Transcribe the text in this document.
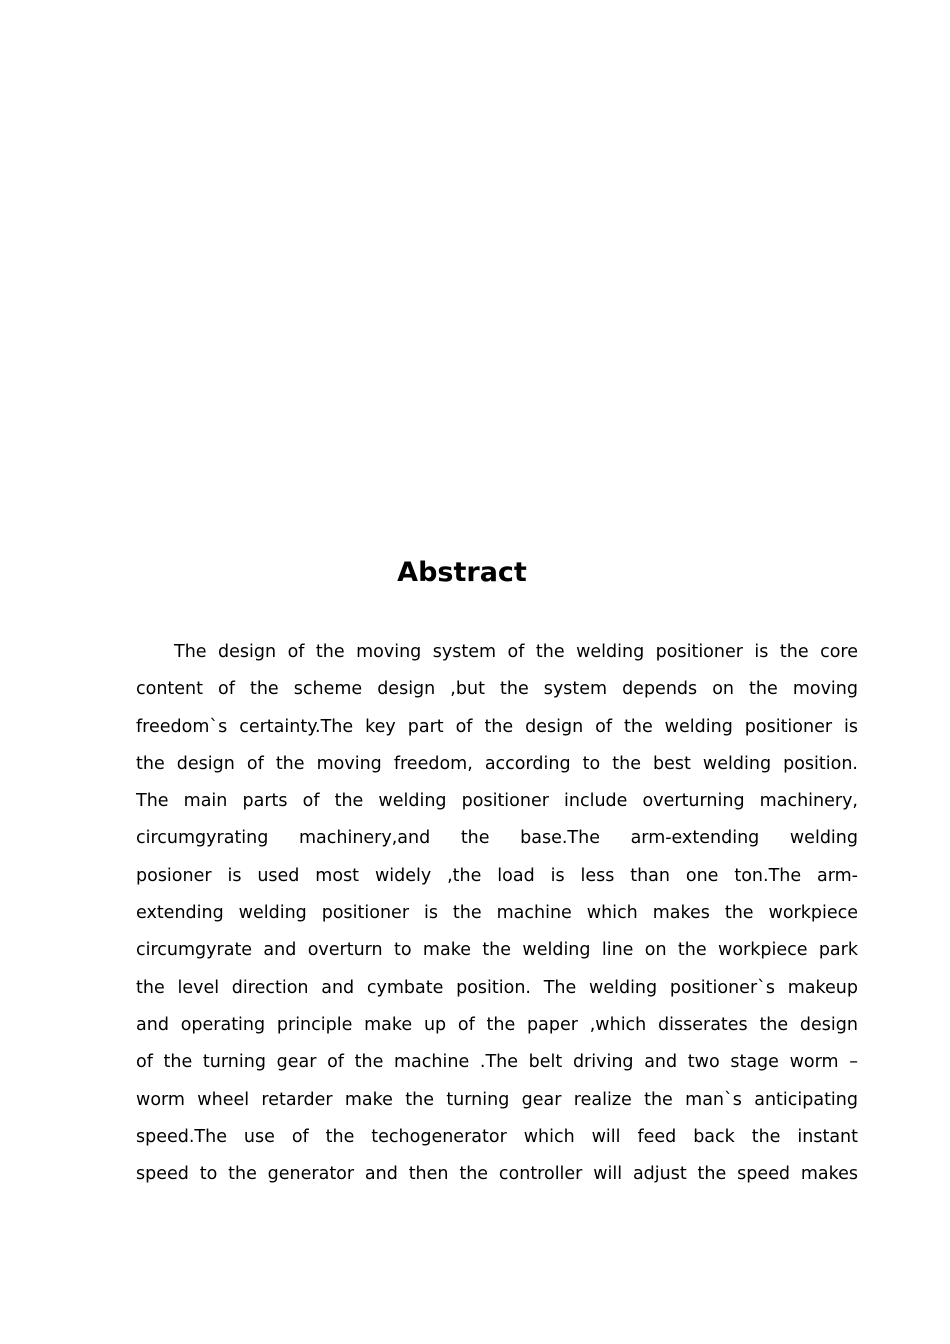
Abstract
The design of the moving system of the welding positioner is the core
content of the scheme design ,but the system depends on the moving
freedom`s certainty.The key part of the design of the welding positioner is
the design of the moving freedom, according to the best welding position.
The main parts of the welding positioner include overturning machinery,
circumgyrating machinery,and the base.The arm-extending welding
posioner is used most widely ,the load is less than one ton.The arm-
extending welding positioner is the machine which makes the workpiece
circumgyrate and overturn to make the welding line on the workpiece park
the level direction and cymbate position. The welding positioner`s makeup
and operating principle make up of the paper ,which disserates the design
of the turning gear of the machine .The belt driving and two stage worm –
worm wheel retarder make the turning gear realize the man`s anticipating
speed.The use of the techogenerator which will feed back the instant
speed to the generator and then the controller will adjust the speed makes
